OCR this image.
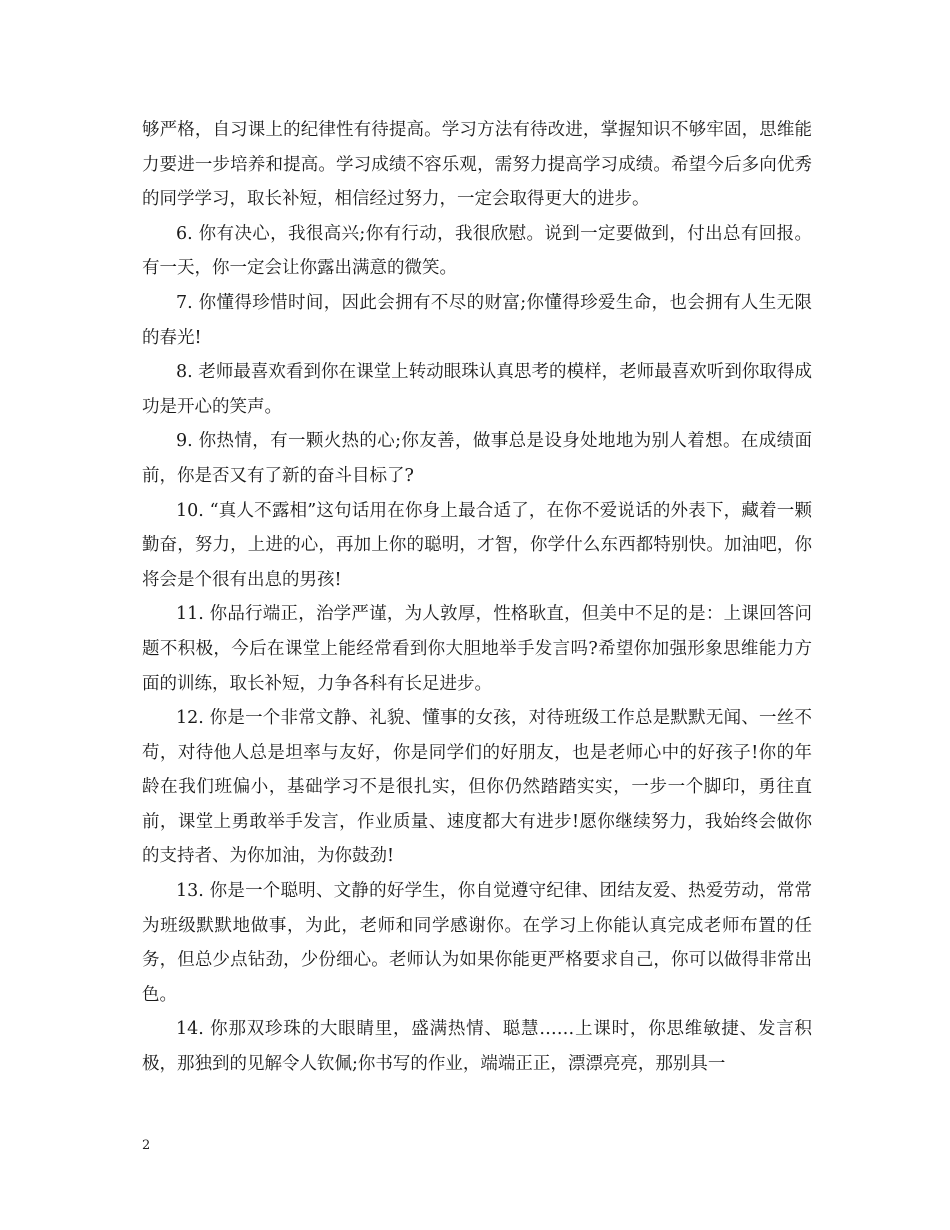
够严格，自习课上的纪律性有待提高。学习方法有待改进，掌握知识不够牢固，思维能力要进一步培养和提高。学习成绩不容乐观，需努力提高学习成绩。希望今后多向优秀的同学学习，取长补短，相信经过努力，一定会取得更大的进步。

6. 你有决心，我很高兴;你有行动，我很欣慰。说到一定要做到，付出总有回报。有一天，你一定会让你露出满意的微笑。

7. 你懂得珍惜时间，因此会拥有不尽的财富;你懂得珍爱生命，也会拥有人生无限的春光!

8. 老师最喜欢看到你在课堂上转动眼珠认真思考的模样，老师最喜欢听到你取得成功是开心的笑声。

9. 你热情，有一颗火热的心;你友善，做事总是设身处地地为别人着想。在成绩面前，你是否又有了新的奋斗目标了?

10. “真人不露相”这句话用在你身上最合适了，在你不爱说话的外表下，藏着一颗勤奋，努力，上进的心，再加上你的聪明，才智，你学什么东西都特别快。加油吧，你将会是个很有出息的男孩!

11. 你品行端正，治学严谨，为人敦厚，性格耿直，但美中不足的是：上课回答问题不积极，今后在课堂上能经常看到你大胆地举手发言吗?希望你加强形象思维能力方面的训练，取长补短，力争各科有长足进步。

12. 你是一个非常文静、礼貌、懂事的女孩，对待班级工作总是默默无闻、一丝不苟，对待他人总是坦率与友好，你是同学们的好朋友，也是老师心中的好孩子!你的年龄在我们班偏小，基础学习不是很扎实，但你仍然踏踏实实，一步一个脚印，勇往直前，课堂上勇敢举手发言，作业质量、速度都大有进步!愿你继续努力，我始终会做你的支持者、为你加油，为你鼓劲!

13. 你是一个聪明、文静的好学生，你自觉遵守纪律、团结友爱、热爱劳动，常常为班级默默地做事，为此，老师和同学感谢你。在学习上你能认真完成老师布置的任务，但总少点钻劲，少份细心。老师认为如果你能更严格要求自己，你可以做得非常出色。

14. 你那双珍珠的大眼睛里，盛满热情、聪慧……上课时，你思维敏捷、发言积极，那独到的见解令人钦佩;你书写的作业，端端正正，漂漂亮亮，那别具一

2
